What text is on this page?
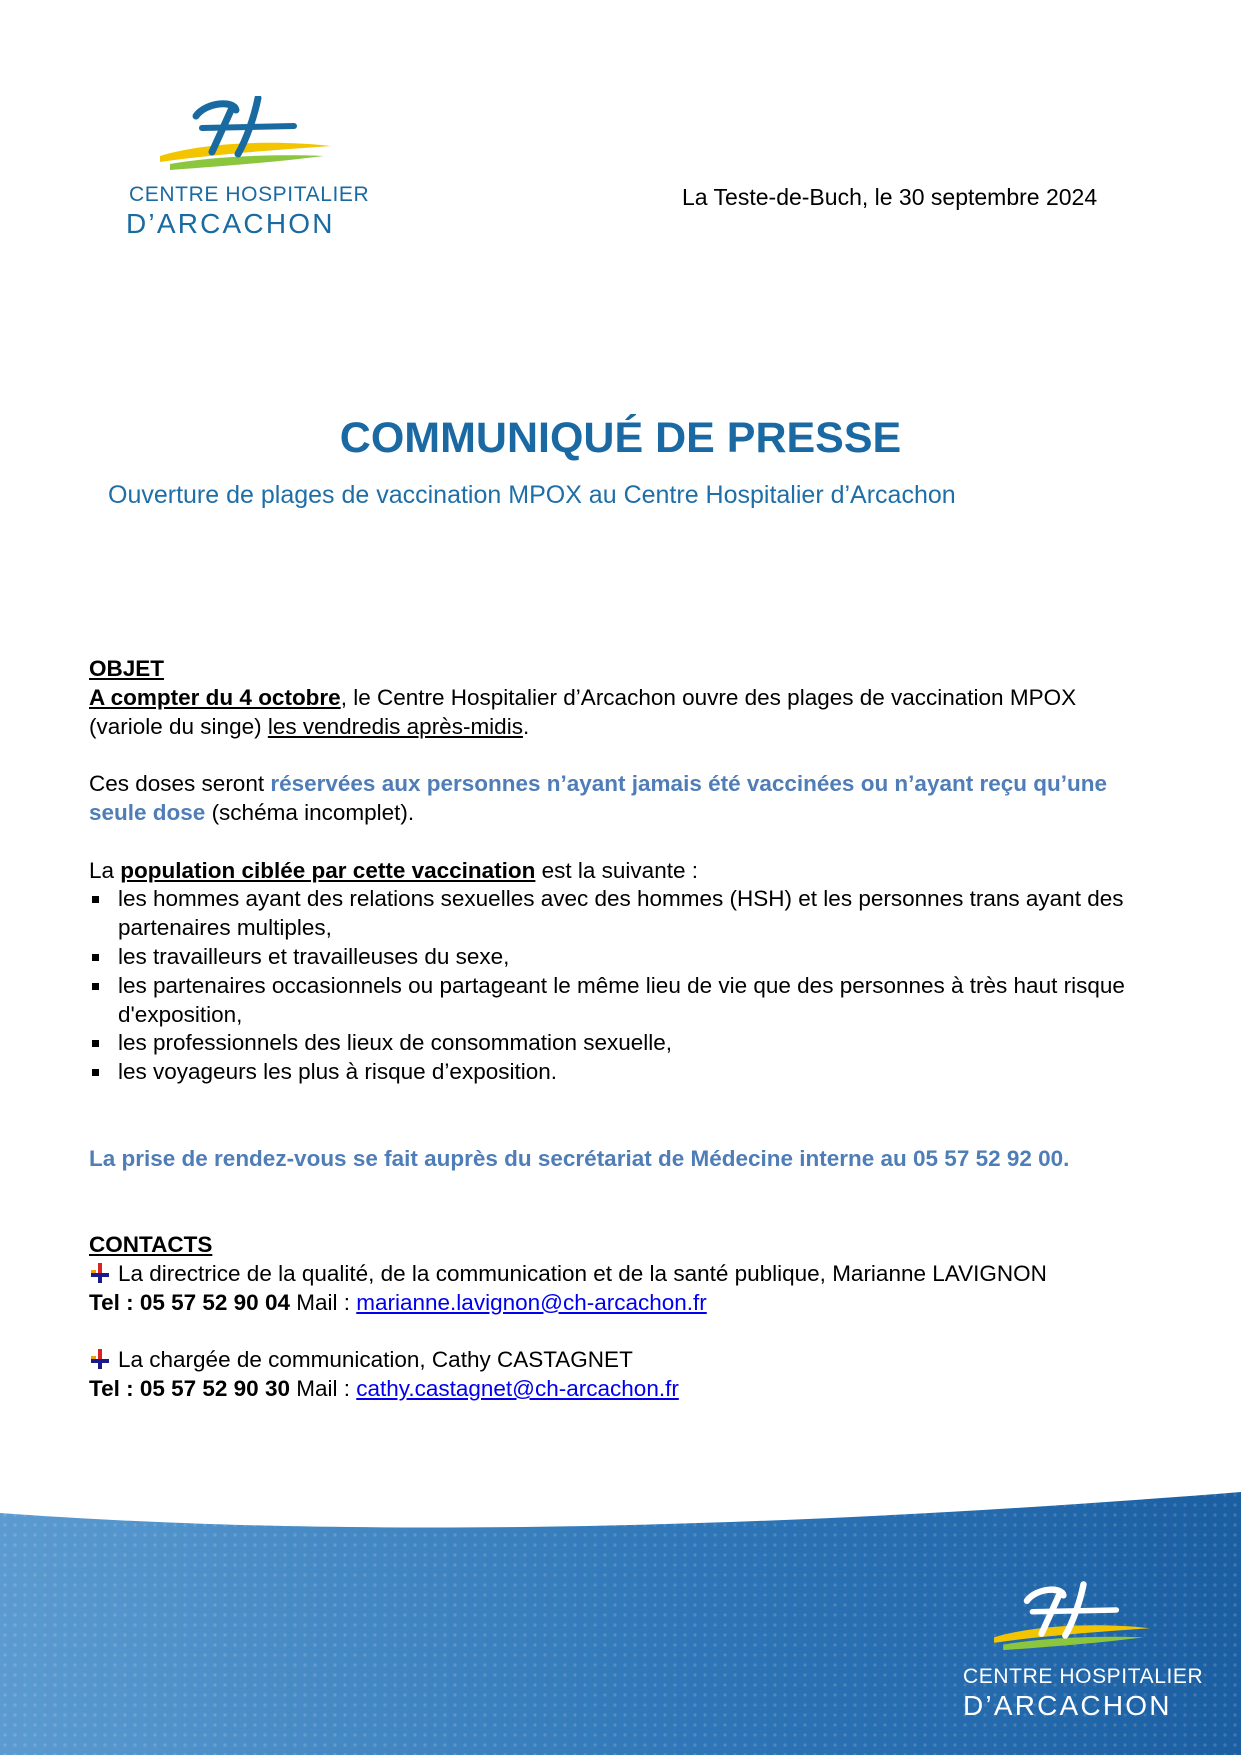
CENTRE HOSPITALIER
D’ARCACHON
La Teste-de-Buch, le 30 septembre 2024
COMMUNIQUÉ DE PRESSE
Ouverture de plages de vaccination MPOX au Centre Hospitalier d’Arcachon

OBJET

A compter du 4 octobre, le Centre Hospitalier d’Arcachon ouvre des plages de vaccination MPOX (variole du singe) les vendredis après-midis.

Ces doses seront réservées aux personnes n’ayant jamais été vaccinées ou n’ayant reçu qu’une seule dose (schéma incomplet).

La population ciblée par cette vaccination est la suivante :

les hommes ayant des relations sexuelles avec des hommes (HSH) et les personnes trans ayant des partenaires multiples,
les travailleurs et travailleuses du sexe,
les partenaires occasionnels ou partageant le même lieu de vie que des personnes à très haut risque d'exposition,
les professionnels des lieux de consommation sexuelle,
les voyageurs les plus à risque d’exposition.

La prise de rendez-vous se fait auprès du secrétariat de Médecine interne au 05 57 52 92 00.

CONTACTS

La directrice de la qualité, de la communication et de la santé publique, Marianne LAVIGNON

Tel : 05 57 52 90 04 Mail : marianne.lavignon@ch-arcachon.fr

La chargée de communication, Cathy CASTAGNET

Tel : 05 57 52 90 30 Mail : cathy.castagnet@ch-arcachon.fr

CENTRE HOSPITALIER
D’ARCACHON
